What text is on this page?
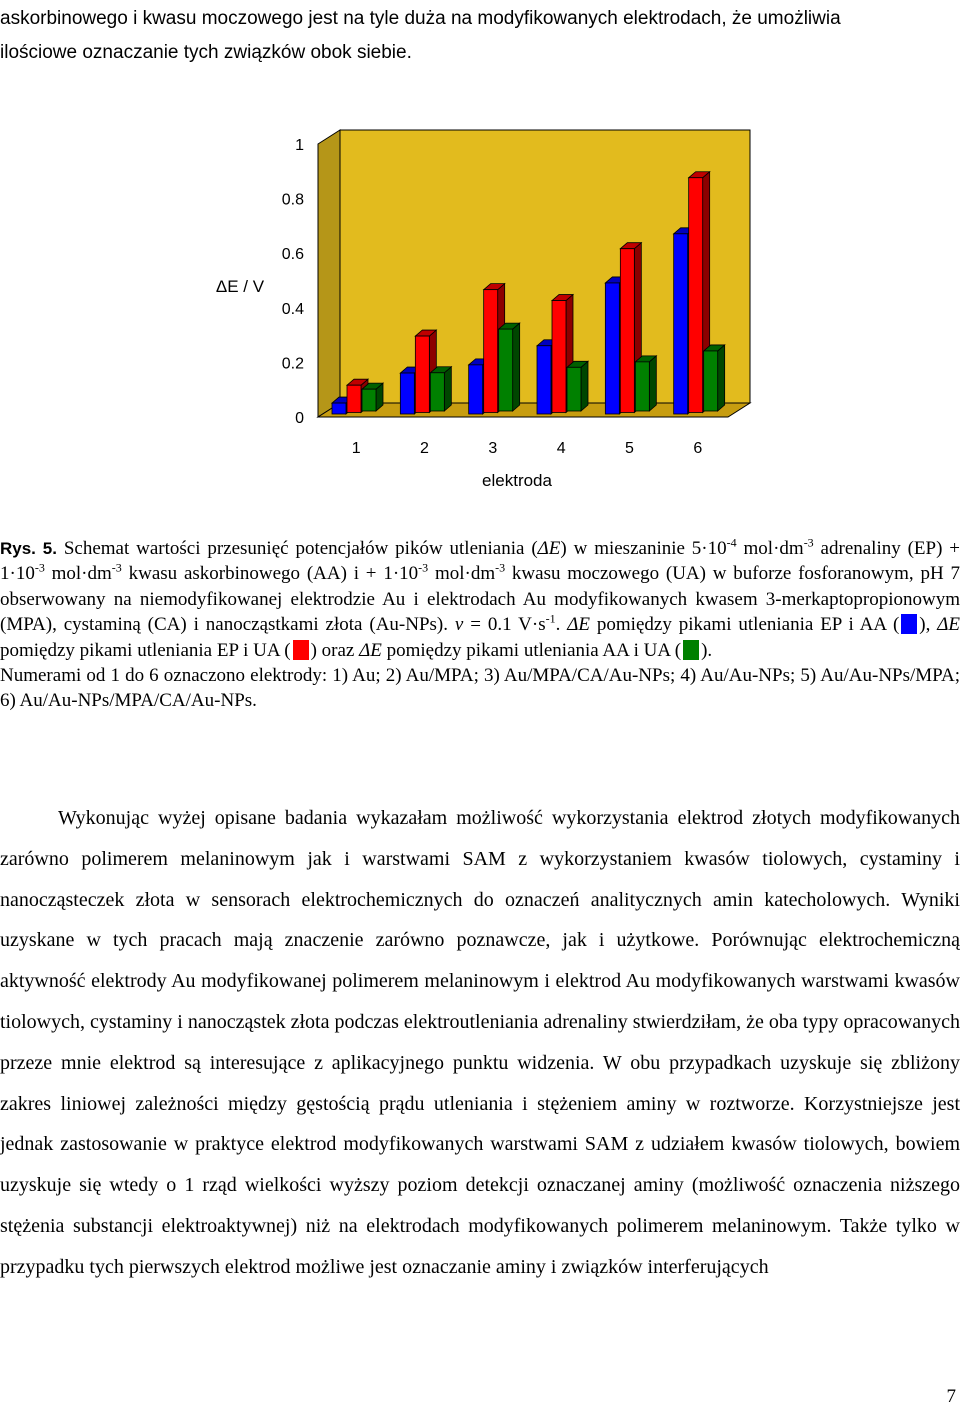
askorbinowego i kwasu moczowego jest na tyle duża na modyfikowanych elektrodach, że umożliwia
ilościowe oznaczanie tych związków obok siebie.
0
0.2
0.4
0.6
0.8
1
ΔE / V
1	2	3	4	5	6
elektroda
Rys. 5. Schemat wartości przesunięć potencjałów pików utleniania (ΔE) w mieszaninie $5\cdot 10^{-4}$ $mol\cdot dm^{-3}$ adrenaliny $(EP) + 1\cdot 10^{-3}$ $mol\cdot dm^{-3}$ kwasu askorbinowego (AA) $i + 1\cdot 10^{-3}$ $mol\cdot dm^{-3}$ kwasu moczowego (UA) w buforze fosforanowym, pH 7 obserwowany na niemodyfikowanej elektrodzie Au i elektrodach Au modyfikowanych kwasem 3-merkaptopropionowym (MPA), cystaminą (CA) i nanocząstkami złota (Au-NPs). v = 0.1 $V\cdot s^{-1}$. ΔE pomiędzy pikami utleniania EP i AA ( ), ΔE pomiędzy pikami utleniania EP i UA ( ) oraz ΔE pomiędzy pikami utleniania AA i UA ( ).
Numerami od 1 do 6 oznaczono elektrody: 1) Au; 2) Au/MPA; 3) Au/MPA/CA/Au-NPs; 4) Au/Au-NPs; 5) Au/Au-NPs/MPA; 6) Au/Au-NPs/MPA/CA/Au-NPs.

Wykonując wyżej opisane badania wykazałam możliwość wykorzystania elektrod złotych modyfikowanych zarówno polimerem melaninowym jak i warstwami SAM z wykorzystaniem kwasów tiolowych, cystaminy i nanocząsteczek złota w sensorach elektrochemicznych do oznaczeń analitycznych amin katecholowych. Wyniki uzyskane w tych pracach mają znaczenie zarówno poznawcze, jak i użytkowe. Porównując elektrochemiczną aktywność elektrody Au modyfikowanej polimerem melaninowym i elektrod Au modyfikowanych warstwami kwasów tiolowych, cystaminy i nanocząstek złota podczas elektroutleniania adrenaliny stwierdziłam, że oba typy opracowanych przeze mnie elektrod są interesujące z aplikacyjnego punktu widzenia. W obu przypadkach uzyskuje się zbliżony zakres liniowej zależności między gęstością prądu utleniania i stężeniem aminy w roztworze. Korzystniejsze jest jednak zastosowanie w praktyce elektrod modyfikowanych warstwami SAM z udziałem kwasów tiolowych, bowiem uzyskuje się wtedy o 1 rząd wielkości wyższy poziom detekcji oznaczanej aminy (możliwość oznaczenia niższego stężenia substancji elektroaktywnej) niż na elektrodach modyfikowanych polimerem melaninowym. Także tylko w przypadku tych pierwszych elektrod możliwe jest oznaczanie aminy i związków interferujących

7
